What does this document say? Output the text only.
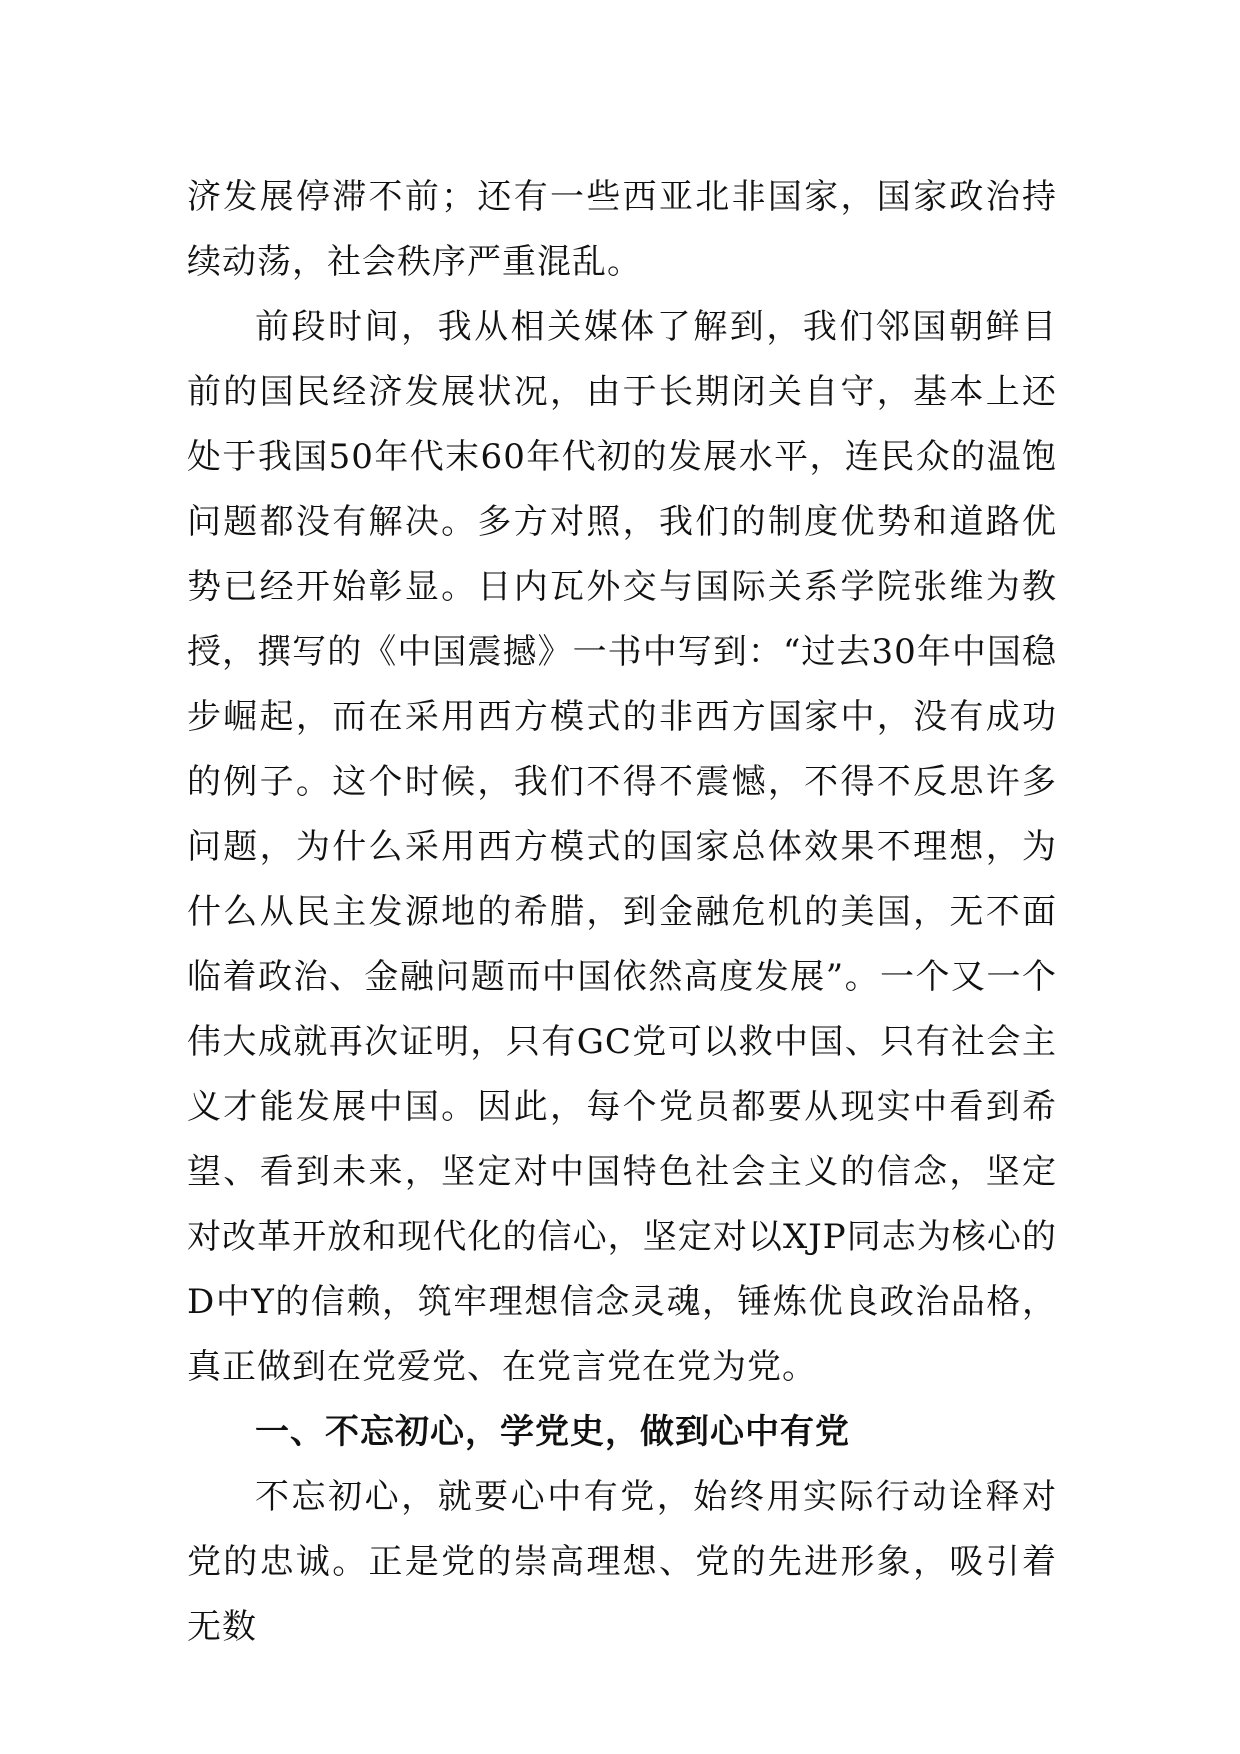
济发展停滞不前；还有一些西亚北非国家，国家政治持续动荡，社会秩序严重混乱。

前段时间，我从相关媒体了解到，我们邻国朝鲜目前的国民经济发展状况，由于长期闭关自守，基本上还处于我国50年代末60年代初的发展水平，连民众的温饱问题都没有解决。多方对照，我们的制度优势和道路优势已经开始彰显。日内瓦外交与国际关系学院张维为教授，撰写的《中国震撼》一书中写到：“过去30年中国稳步崛起，而在采用西方模式的非西方国家中，没有成功的例子。这个时候，我们不得不震憾，不得不反思许多问题，为什么采用西方模式的国家总体效果不理想，为什么从民主发源地的希腊，到金融危机的美国，无不面临着政治、金融问题而中国依然高度发展”。一个又一个伟大成就再次证明，只有GC党可以救中国、只有社会主义才能发展中国。因此，每个党员都要从现实中看到希望、看到未来，坚定对中国特色社会主义的信念，坚定对改革开放和现代化的信心，坚定对以XJP同志为核心的D中Y的信赖，筑牢理想信念灵魂，锤炼优良政治品格，真正做到在党爱党、在党言党在党为党。

一、不忘初心，学党史，做到心中有党

不忘初心，就要心中有党，始终用实际行动诠释对党的忠诚。正是党的崇高理想、党的先进形象，吸引着无数
